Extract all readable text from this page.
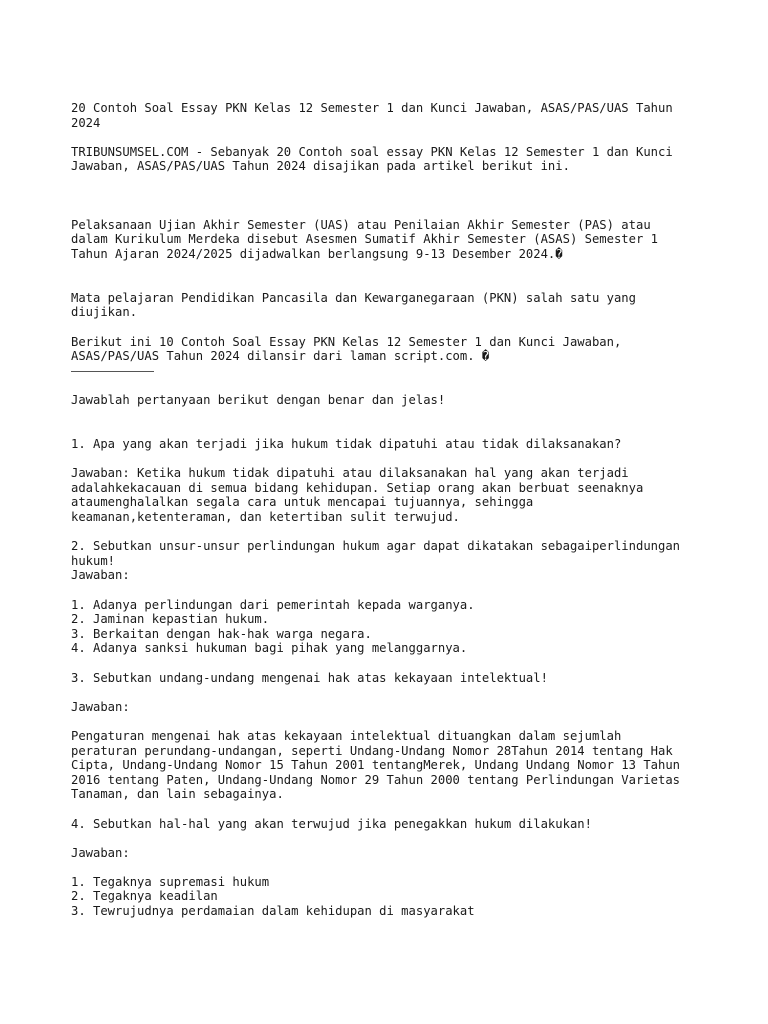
20 Contoh Soal Essay PKN Kelas 12 Semester 1 dan Kunci Jawaban, ASAS/PAS/UAS Tahun
2024
TRIBUNSUMSEL.COM - Sebanyak 20 Contoh soal essay PKN Kelas 12 Semester 1 dan Kunci
Jawaban, ASAS/PAS/UAS Tahun 2024 disajikan pada artikel berikut ini.
Pelaksanaan Ujian Akhir Semester (UAS) atau Penilaian Akhir Semester (PAS) atau
dalam Kurikulum Merdeka disebut Asesmen Sumatif Akhir Semester (ASAS) Semester 1
Tahun Ajaran 2024/2025 dijadwalkan berlangsung 9-13 Desember 2024.�
Mata pelajaran Pendidikan Pancasila dan Kewarganegaraan (PKN) salah satu yang
diujikan.
Berikut ini 10 Contoh Soal Essay PKN Kelas 12 Semester 1 dan Kunci Jawaban,
ASAS/PAS/UAS Tahun 2024 dilansir dari laman script.com. �
Jawablah pertanyaan berikut dengan benar dan jelas!
1. Apa yang akan terjadi jika hukum tidak dipatuhi atau tidak dilaksanakan?
Jawaban: Ketika hukum tidak dipatuhi atau dilaksanakan hal yang akan terjadi
adalahkekacauan di semua bidang kehidupan. Setiap orang akan berbuat seenaknya
ataumenghalalkan segala cara untuk mencapai tujuannya, sehingga
keamanan,ketenteraman, dan ketertiban sulit terwujud.
2. Sebutkan unsur-unsur perlindungan hukum agar dapat dikatakan sebagaiperlindungan
hukum!
Jawaban:
1. Adanya perlindungan dari pemerintah kepada warganya.
2. Jaminan kepastian hukum.
3. Berkaitan dengan hak-hak warga negara.
4. Adanya sanksi hukuman bagi pihak yang melanggarnya.
3. Sebutkan undang-undang mengenai hak atas kekayaan intelektual!
Jawaban:
Pengaturan mengenai hak atas kekayaan intelektual dituangkan dalam sejumlah
peraturan perundang-undangan, seperti Undang-Undang Nomor 28Tahun 2014 tentang Hak
Cipta, Undang-Undang Nomor 15 Tahun 2001 tentangMerek, Undang Undang Nomor 13 Tahun
2016 tentang Paten, Undang-Undang Nomor 29 Tahun 2000 tentang Perlindungan Varietas
Tanaman, dan lain sebagainya.
4. Sebutkan hal-hal yang akan terwujud jika penegakkan hukum dilakukan!
Jawaban:
1. Tegaknya supremasi hukum
2. Tegaknya keadilan
3. Tewrujudnya perdamaian dalam kehidupan di masyarakat
